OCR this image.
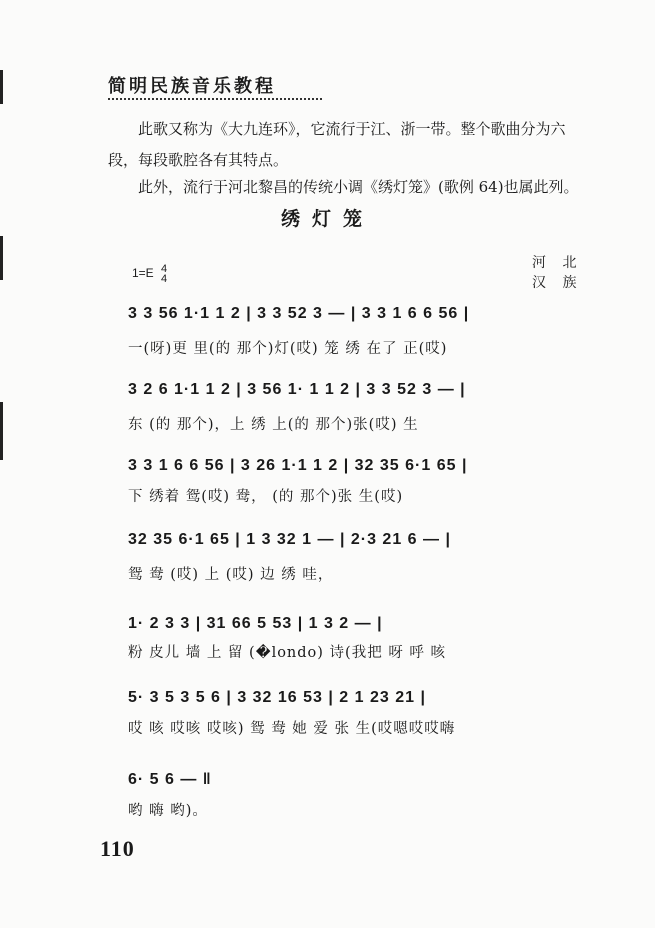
简明民族音乐教程
此歌又称为《大九连环》，它流行于江、浙一带。整个歌曲分为六段，每段歌腔各有其特点。
此外，流行于河北黎昌的传统小调《绣灯笼》(歌例 64)也属此列。
绣灯笼
1=E 4
4
河 北
汉 族
3 3 56 1·1 1 2 | 3 3 52 3 — | 3 3 1 6 6 56 |
一(呀)更 里(的 那个)灯(哎) 笼 绣 在了 正(哎)
3 2 6 1·1 1 2 | 3 56 1· 1 1 2 | 3 3 52 3 — |
东 (的 那个)，上 绣 上(的 那个)张(哎) 生
3 3 1 6 6 56 | 3 26 1·1 1 2 | 32 35 6·1 65 |
下 绣着 鸳(哎) 鸯， (的 那个)张 生(哎)
32 35 6·1 65 | 1 3 32 1 — | 2·3 21 6 — |
鸳 鸯 (哎) 上 (哎) 边 绣 哇，
1· 2 3 3 | 31 66 5 53 | 1 3 2 — |
粉 皮儿 墙 上 留 (�londo) 诗(我把 呀 呼 咳
5· 3 5 3 5 6 | 3 32 16 53 | 2 1 23 21 |
哎 咳 哎咳 哎咳) 鸳 鸯 她 爱 张 生(哎嗯哎哎嗨
6· 5 6 — ‖
哟 嗨 哟)。
110
